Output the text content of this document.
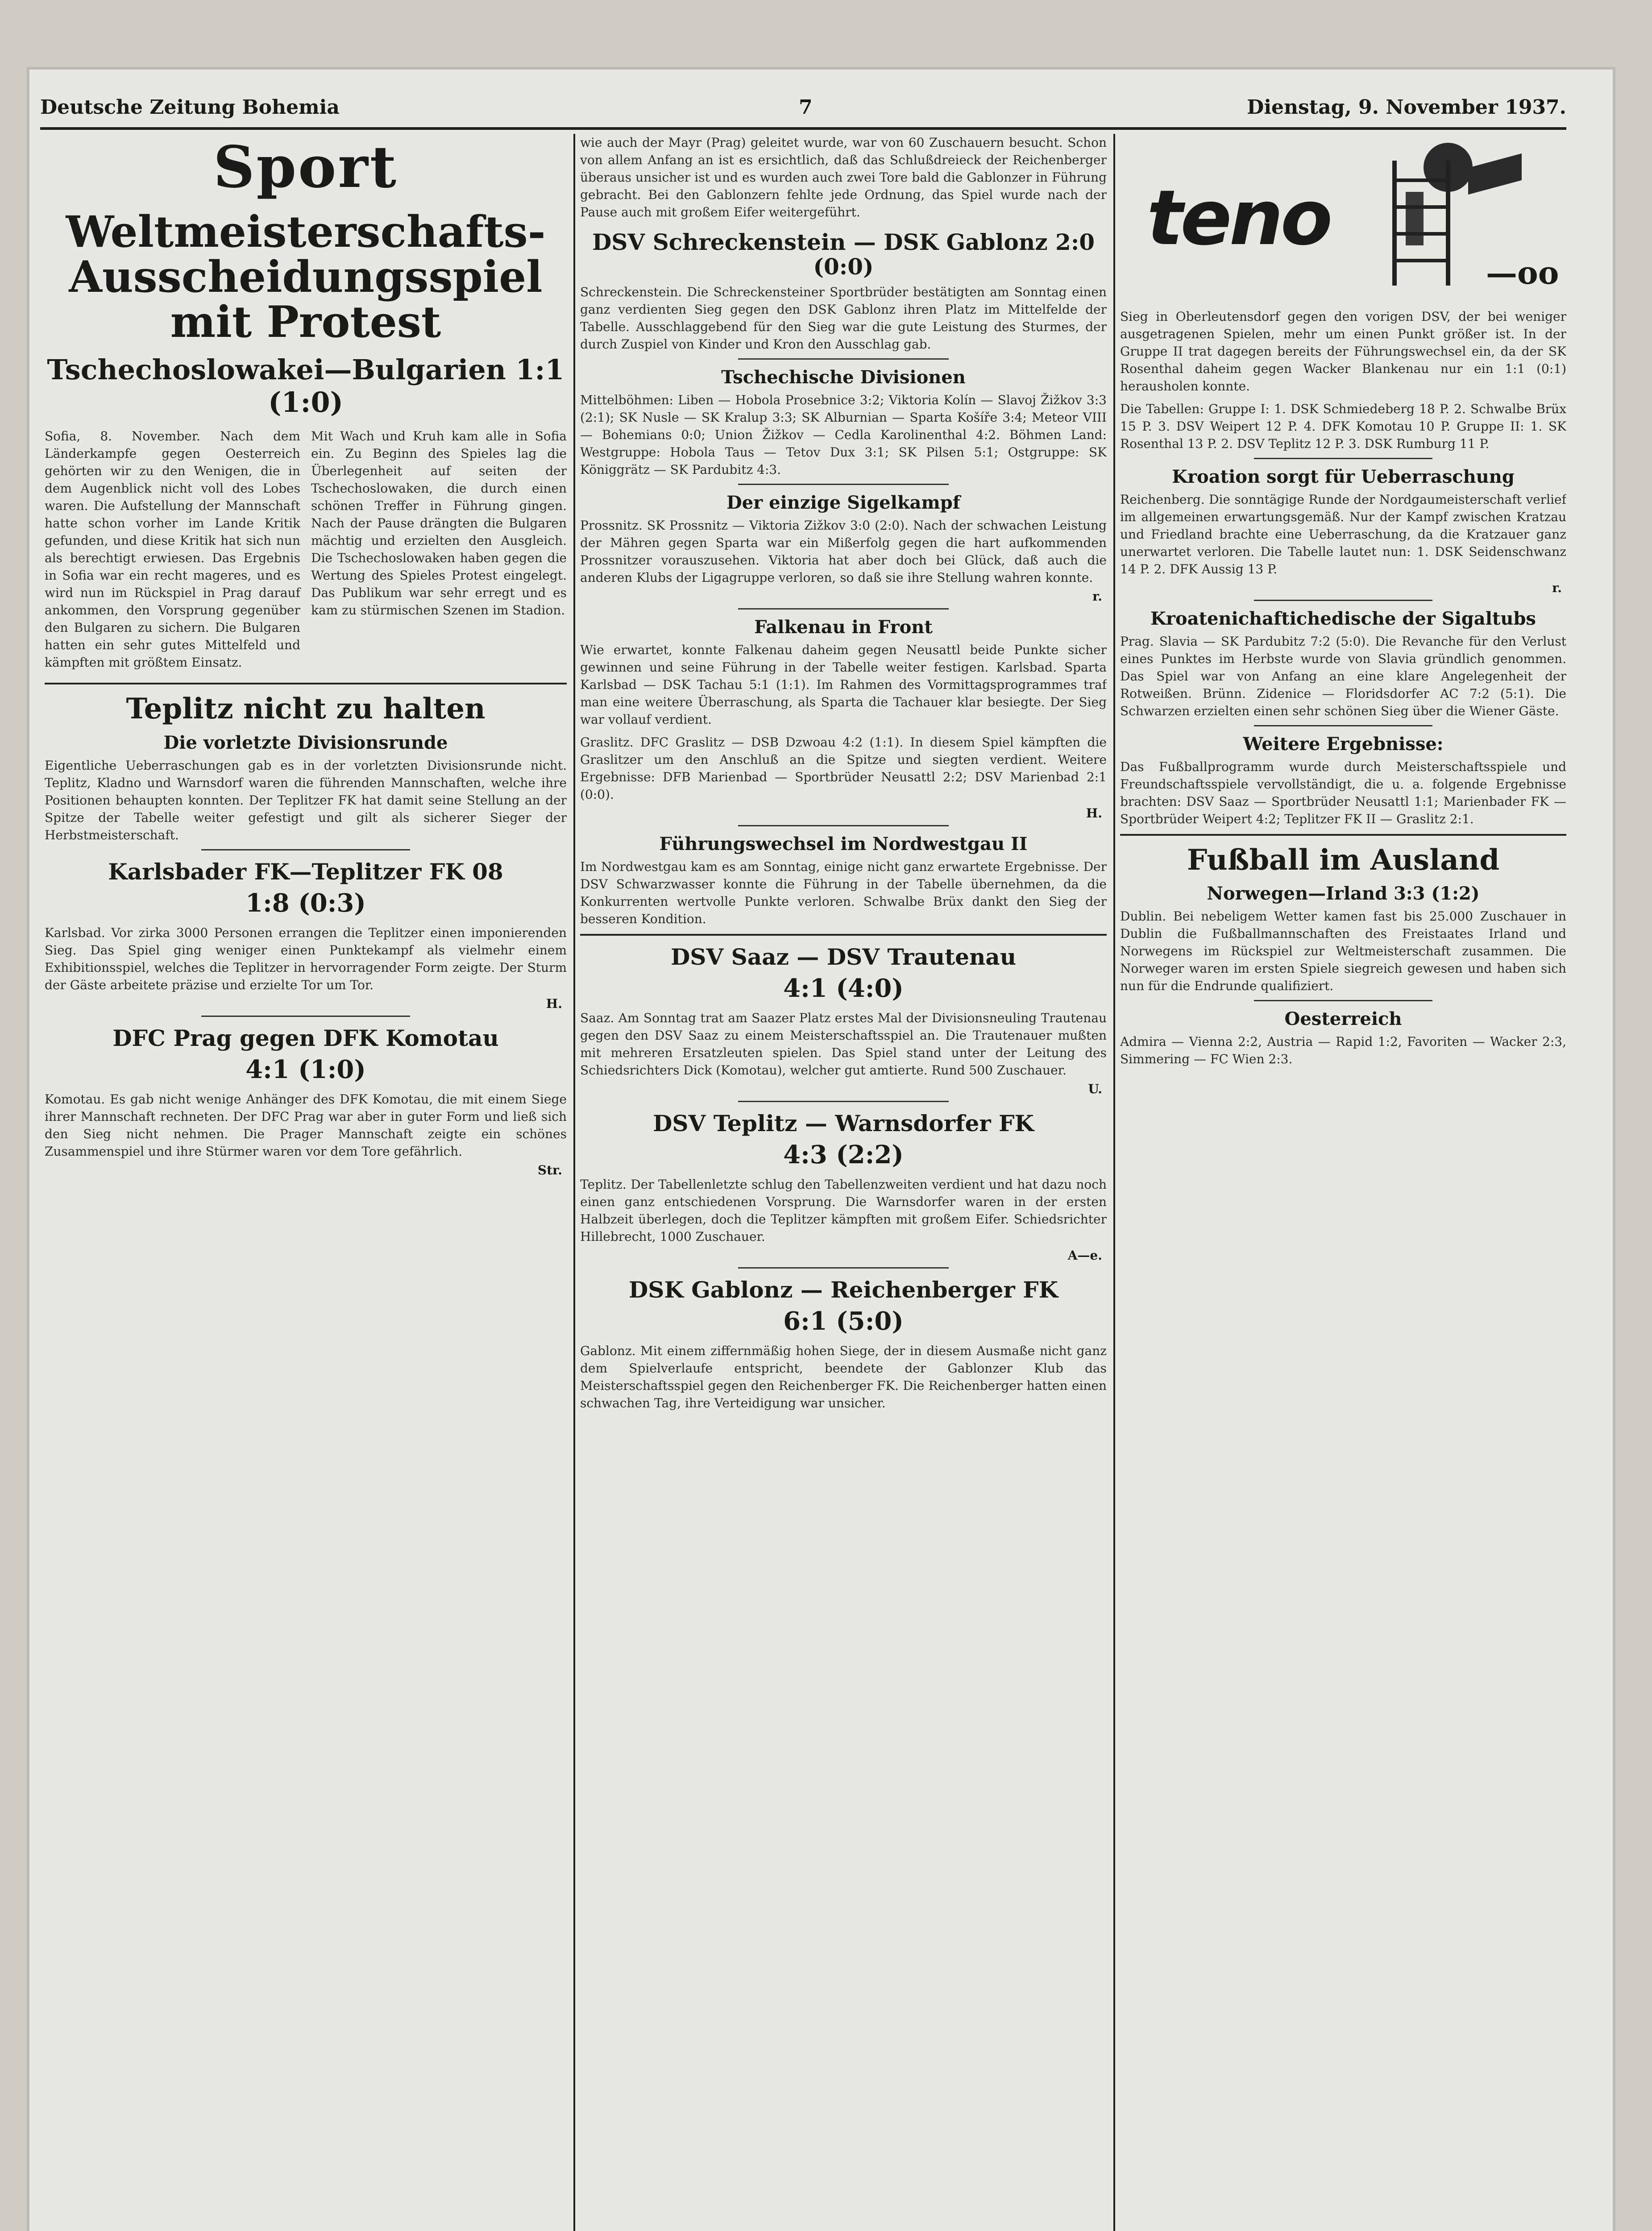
Deutsche Zeitung Bohemia	7	Dienstag, 9. November 1937.
Sport
Weltmeisterschafts-Ausscheidungsspiel mit Protest
Tschechoslowakei—Bulgarien 1:1 (1:0)

Sofia, 8. November. Nach dem Länderkampfe gegen Oesterreich gehörten wir zu den Wenigen, die in dem Augenblick nicht voll des Lobes waren. Die Aufstellung der Mannschaft hatte schon vorher im Lande Kritik gefunden, und diese Kritik hat sich nun als berechtigt erwiesen. Das Ergebnis in Sofia war ein recht mageres, und es wird nun im Rückspiel in Prag darauf ankommen, den Vorsprung gegenüber den Bulgaren zu sichern. Die Bulgaren hatten ein sehr gutes Mittelfeld und kämpften mit größtem Einsatz.

Mit Wach und Kruh kam alle in Sofia ein. Zu Beginn des Spieles lag die Überlegenheit auf seiten der Tschechoslowaken, die durch einen schönen Treffer in Führung gingen. Nach der Pause drängten die Bulgaren mächtig und erzielten den Ausgleich. Die Tschechoslowaken haben gegen die Wertung des Spieles Protest eingelegt. Das Publikum war sehr erregt und es kam zu stürmischen Szenen im Stadion.

Teplitz nicht zu halten
Die vorletzte Divisionsrunde

Eigentliche Ueberraschungen gab es in der vorletzten Divisionsrunde nicht. Teplitz, Kladno und Warnsdorf waren die führenden Mannschaften, welche ihre Positionen behaupten konnten. Der Teplitzer FK hat damit seine Stellung an der Spitze der Tabelle weiter gefestigt und gilt als sicherer Sieger der Herbstmeisterschaft.

Karlsbader FK—Teplitzer FK 08
1:8 (0:3)

Karlsbad. Vor zirka 3000 Personen errangen die Teplitzer einen imponierenden Sieg. Das Spiel ging weniger einen Punktekampf als vielmehr einem Exhibitionsspiel, welches die Teplitzer in hervorragender Form zeigte. Der Sturm der Gäste arbeitete präzise und erzielte Tor um Tor.

H.
DFC Prag gegen DFK Komotau
4:1 (1:0)

Komotau. Es gab nicht wenige Anhänger des DFK Komotau, die mit einem Siege ihrer Mannschaft rechneten. Der DFC Prag war aber in guter Form und ließ sich den Sieg nicht nehmen. Die Prager Mannschaft zeigte ein schönes Zusammenspiel und ihre Stürmer waren vor dem Tore gefährlich.

Str.

wie auch der Mayr (Prag) geleitet wurde, war von 60 Zuschauern besucht. Schon von allem Anfang an ist es ersichtlich, daß das Schlußdreieck der Reichenberger überaus unsicher ist und es wurden auch zwei Tore bald die Gablonzer in Führung gebracht. Bei den Gablonzern fehlte jede Ordnung, das Spiel wurde nach der Pause auch mit großem Eifer weitergeführt.

DSV Schreckenstein — DSK Gablonz 2:0 (0:0)

Schreckenstein. Die Schreckensteiner Sportbrüder bestätigten am Sonntag einen ganz verdienten Sieg gegen den DSK Gablonz ihren Platz im Mittelfelde der Tabelle. Ausschlaggebend für den Sieg war die gute Leistung des Sturmes, der durch Zuspiel von Kinder und Kron den Ausschlag gab.

Tschechische Divisionen

Mittelböhmen: Liben — Hobola Prosebnice 3:2; Viktoria Kolín — Slavoj Žižkov 3:3 (2:1); SK Nusle — SK Kralup 3:3; SK Alburnian — Sparta Košíře 3:4; Meteor VIII — Bohemians 0:0; Union Žižkov — Cedla Karolinenthal 4:2. Böhmen Land: Westgruppe: Hobola Taus — Tetov Dux 3:1; SK Pilsen 5:1; Ostgruppe: SK Königgrätz — SK Pardubitz 4:3.

Der einzige Sigelkampf

Prossnitz. SK Prossnitz — Viktoria Zižkov 3:0 (2:0). Nach der schwachen Leistung der Mähren gegen Sparta war ein Mißerfolg gegen die hart aufkommenden Prossnitzer vorauszusehen. Viktoria hat aber doch bei Glück, daß auch die anderen Klubs der Ligagruppe verloren, so daß sie ihre Stellung wahren konnte.

r.
Falkenau in Front

Wie erwartet, konnte Falkenau daheim gegen Neusattl beide Punkte sicher gewinnen und seine Führung in der Tabelle weiter festigen. Karlsbad. Sparta Karlsbad — DSK Tachau 5:1 (1:1). Im Rahmen des Vormittagsprogrammes traf man eine weitere Überraschung, als Sparta die Tachauer klar besiegte. Der Sieg war vollauf verdient.

Graslitz. DFC Graslitz — DSB Dzwoau 4:2 (1:1). In diesem Spiel kämpften die Graslitzer um den Anschluß an die Spitze und siegten verdient. Weitere Ergebnisse: DFB Marienbad — Sportbrüder Neusattl 2:2; DSV Marienbad 2:1 (0:0).

H.
Führungswechsel im Nordwestgau II

Im Nordwestgau kam es am Sonntag, einige nicht ganz erwartete Ergebnisse. Der DSV Schwarzwasser konnte die Führung in der Tabelle übernehmen, da die Konkurrenten wertvolle Punkte verloren. Schwalbe Brüx dankt den Sieg der besseren Kondition.

DSV Saaz — DSV Trautenau
4:1 (4:0)

Saaz. Am Sonntag trat am Saazer Platz erstes Mal der Divisionsneuling Trautenau gegen den DSV Saaz zu einem Meisterschaftsspiel an. Die Trautenauer mußten mit mehreren Ersatzleuten spielen. Das Spiel stand unter der Leitung des Schiedsrichters Dick (Komotau), welcher gut amtierte. Rund 500 Zuschauer.

U.
DSV Teplitz — Warnsdorfer FK
4:3 (2:2)

Teplitz. Der Tabellenletzte schlug den Tabellenzweiten verdient und hat dazu noch einen ganz entschiedenen Vorsprung. Die Warnsdorfer waren in der ersten Halbzeit überlegen, doch die Teplitzer kämpften mit großem Eifer. Schiedsrichter Hillebrecht, 1000 Zuschauer.

A—e.
DSK Gablonz — Reichenberger FK
6:1 (5:0)

Gablonz. Mit einem ziffernmäßig hohen Siege, der in diesem Ausmaße nicht ganz dem Spielverlaufe entspricht, beendete der Gablonzer Klub das Meisterschaftsspiel gegen den Reichenberger FK. Die Reichenberger hatten einen schwachen Tag, ihre Verteidigung war unsicher.

teno
—oo

Sieg in Oberleutensdorf gegen den vorigen DSV, der bei weniger ausgetragenen Spielen, mehr um einen Punkt größer ist. In der Gruppe II trat dagegen bereits der Führungswechsel ein, da der SK Rosenthal daheim gegen Wacker Blankenau nur ein 1:1 (0:1) herausholen konnte.

Die Tabellen: Gruppe I: 1. DSK Schmiedeberg 18 P. 2. Schwalbe Brüx 15 P. 3. DSV Weipert 12 P. 4. DFK Komotau 10 P. Gruppe II: 1. SK Rosenthal 13 P. 2. DSV Teplitz 12 P. 3. DSK Rumburg 11 P.

Kroation sorgt für Ueberraschung

Reichenberg. Die sonntägige Runde der Nordgaumeisterschaft verlief im allgemeinen erwartungsgemäß. Nur der Kampf zwischen Kratzau und Friedland brachte eine Ueberraschung, da die Kratzauer ganz unerwartet verloren. Die Tabelle lautet nun: 1. DSK Seidenschwanz 14 P. 2. DFK Aussig 13 P.

r.
Kroatenichaftichedische der Sigaltubs

Prag. Slavia — SK Pardubitz 7:2 (5:0). Die Revanche für den Verlust eines Punktes im Herbste wurde von Slavia gründlich genommen. Das Spiel war von Anfang an eine klare Angelegenheit der Rotweißen. Brünn. Zidenice — Floridsdorfer AC 7:2 (5:1). Die Schwarzen erzielten einen sehr schönen Sieg über die Wiener Gäste.

Weitere Ergebnisse:

Das Fußballprogramm wurde durch Meisterschaftsspiele und Freundschaftsspiele vervollständigt, die u. a. folgende Ergebnisse brachten: DSV Saaz — Sportbrüder Neusattl 1:1; Marienbader FK — Sportbrüder Weipert 4:2; Teplitzer FK II — Graslitz 2:1.

Fußball im Ausland
Norwegen—Irland 3:3 (1:2)

Dublin. Bei nebeligem Wetter kamen fast bis 25.000 Zuschauer in Dublin die Fußballmannschaften des Freistaates Irland und Norwegens im Rückspiel zur Weltmeisterschaft zusammen. Die Norweger waren im ersten Spiele siegreich gewesen und haben sich nun für die Endrunde qualifiziert.

Oesterreich

Admira — Vienna 2:2, Austria — Rapid 1:2, Favoriten — Wacker 2:3, Simmering — FC Wien 2:3.
